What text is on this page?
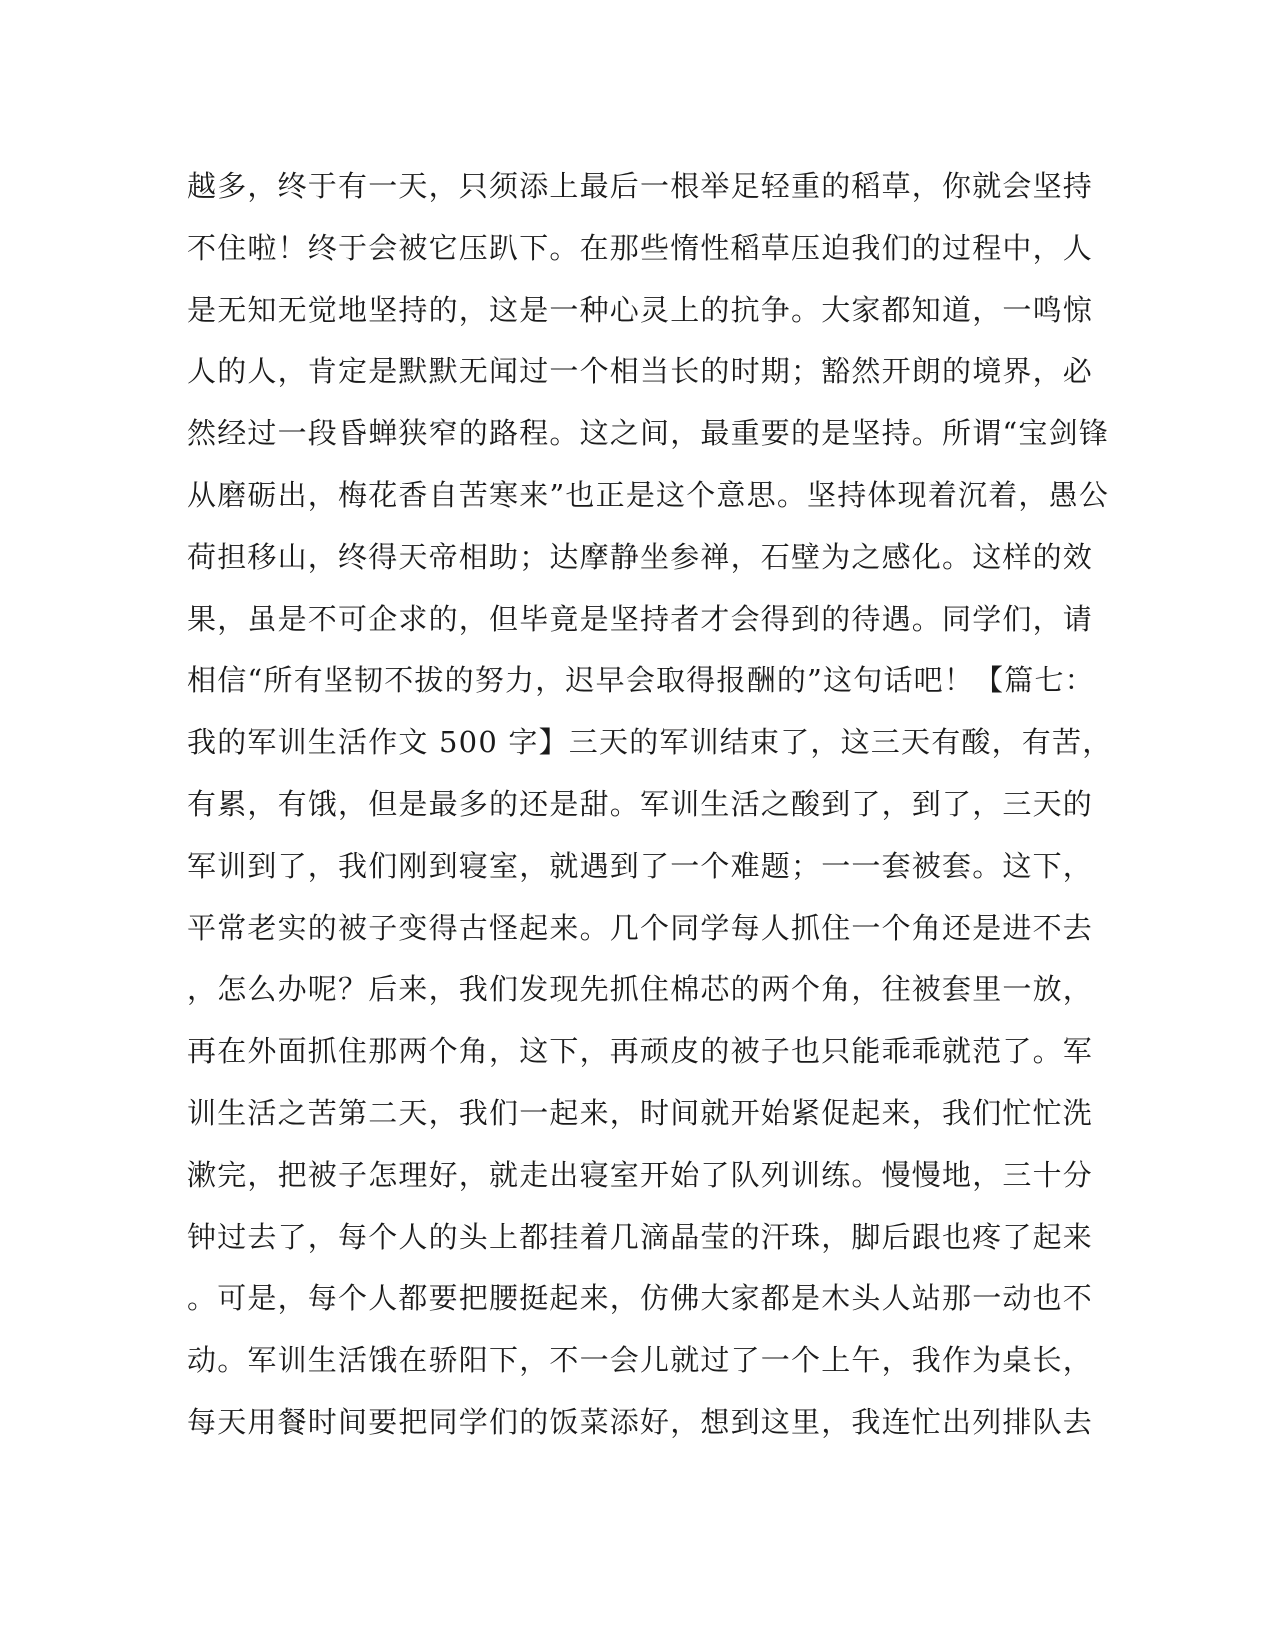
越多，终于有一天，只须添上最后一根举足轻重的稻草，你就会坚持
不住啦！终于会被它压趴下。在那些惰性稻草压迫我们的过程中，人
是无知无觉地坚持的，这是一种心灵上的抗争。大家都知道，一鸣惊
人的人，肯定是默默无闻过一个相当长的时期；豁然开朗的境界，必
然经过一段昏蝉狭窄的路程。这之间，最重要的是坚持。所谓“宝剑锋
从磨砺出，梅花香自苦寒来”也正是这个意思。坚持体现着沉着，愚公
荷担移山，终得天帝相助；达摩静坐参禅，石壁为之感化。这样的效
果，虽是不可企求的，但毕竟是坚持者才会得到的待遇。同学们，请
相信“所有坚韧不拔的努力，迟早会取得报酬的”这句话吧！【篇七：
我的军训生活作文 500 字】三天的军训结束了，这三天有酸，有苦，
有累，有饿，但是最多的还是甜。军训生活之酸到了，到了，三天的
军训到了，我们刚到寝室，就遇到了一个难题；一一套被套。这下，
平常老实的被子变得古怪起来。几个同学每人抓住一个角还是进不去
，怎么办呢？后来，我们发现先抓住棉芯的两个角，往被套里一放，
再在外面抓住那两个角，这下，再顽皮的被子也只能乖乖就范了。军
训生活之苦第二天，我们一起来，时间就开始紧促起来，我们忙忙洗
漱完，把被子怎理好，就走出寝室开始了队列训练。慢慢地，三十分
钟过去了，每个人的头上都挂着几滴晶莹的汗珠，脚后跟也疼了起来
。可是，每个人都要把腰挺起来，仿佛大家都是木头人站那一动也不
动。军训生活饿在骄阳下，不一会儿就过了一个上午，我作为桌长，
每天用餐时间要把同学们的饭菜添好，想到这里，我连忙出列排队去
